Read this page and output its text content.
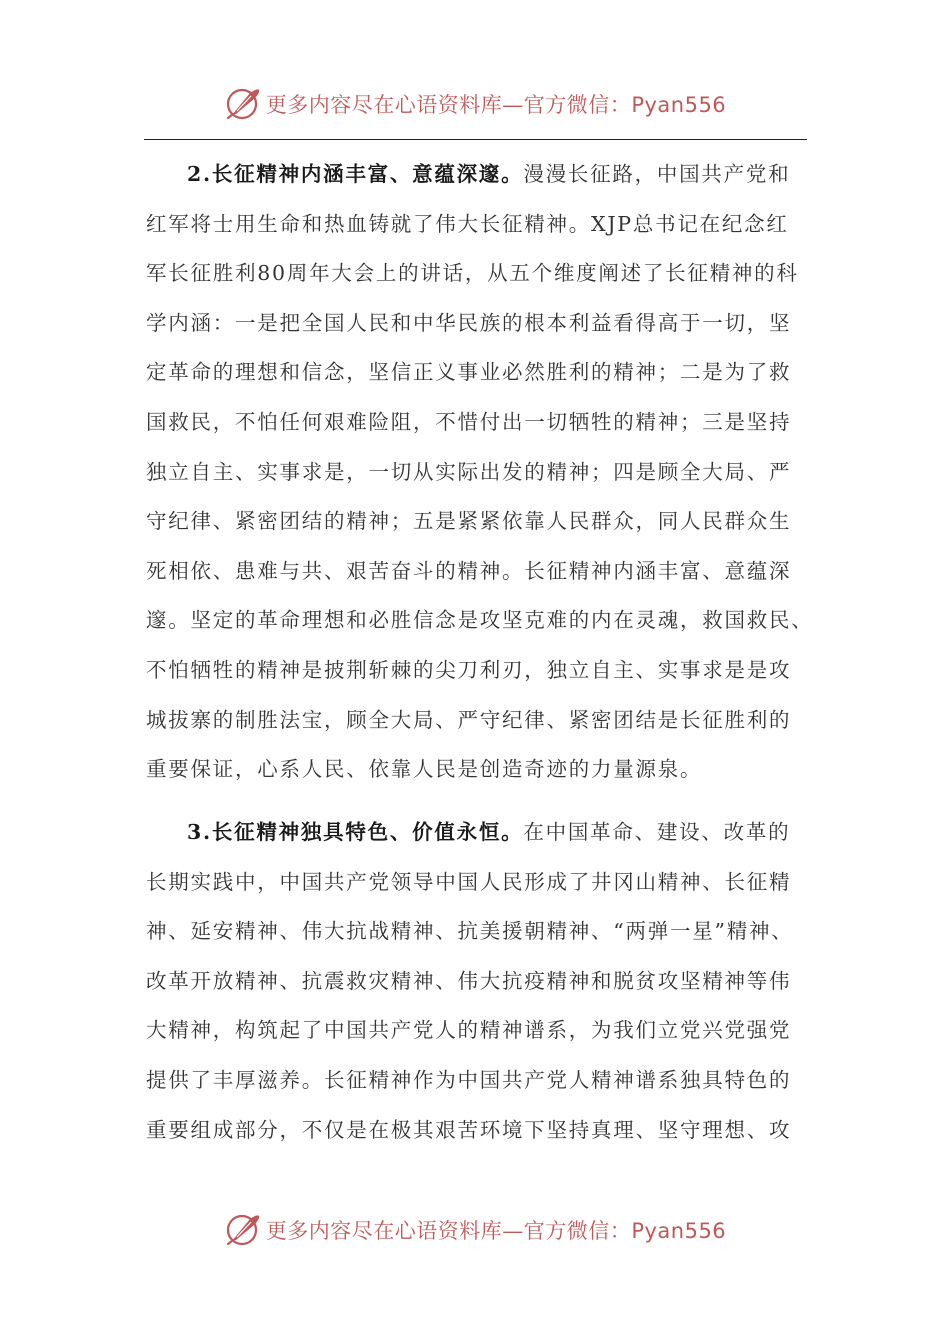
更多内容尽在心语资料库—官方微信：Pyan556

2.长征精神内涵丰富、意蕴深邃。漫漫长征路，中国共产党和
红军将士用生命和热血铸就了伟大长征精神。XJP总书记在纪念红
军长征胜利80周年大会上的讲话，从五个维度阐述了长征精神的科
学内涵：一是把全国人民和中华民族的根本利益看得高于一切，坚
定革命的理想和信念，坚信正义事业必然胜利的精神；二是为了救
国救民，不怕任何艰难险阻，不惜付出一切牺牲的精神；三是坚持
独立自主、实事求是，一切从实际出发的精神；四是顾全大局、严
守纪律、紧密团结的精神；五是紧紧依靠人民群众，同人民群众生
死相依、患难与共、艰苦奋斗的精神。长征精神内涵丰富、意蕴深
邃。坚定的革命理想和必胜信念是攻坚克难的内在灵魂，救国救民、
不怕牺牲的精神是披荆斩棘的尖刀利刃，独立自主、实事求是是攻
城拔寨的制胜法宝，顾全大局、严守纪律、紧密团结是长征胜利的
重要保证，心系人民、依靠人民是创造奇迹的力量源泉。

3.长征精神独具特色、价值永恒。在中国革命、建设、改革的
长期实践中，中国共产党领导中国人民形成了井冈山精神、长征精
神、延安精神、伟大抗战精神、抗美援朝精神、“两弹一星”精神、
改革开放精神、抗震救灾精神、伟大抗疫精神和脱贫攻坚精神等伟
大精神，构筑起了中国共产党人的精神谱系，为我们立党兴党强党
提供了丰厚滋养。长征精神作为中国共产党人精神谱系独具特色的
重要组成部分，不仅是在极其艰苦环境下坚持真理、坚守理想、攻

更多内容尽在心语资料库—官方微信：Pyan556
